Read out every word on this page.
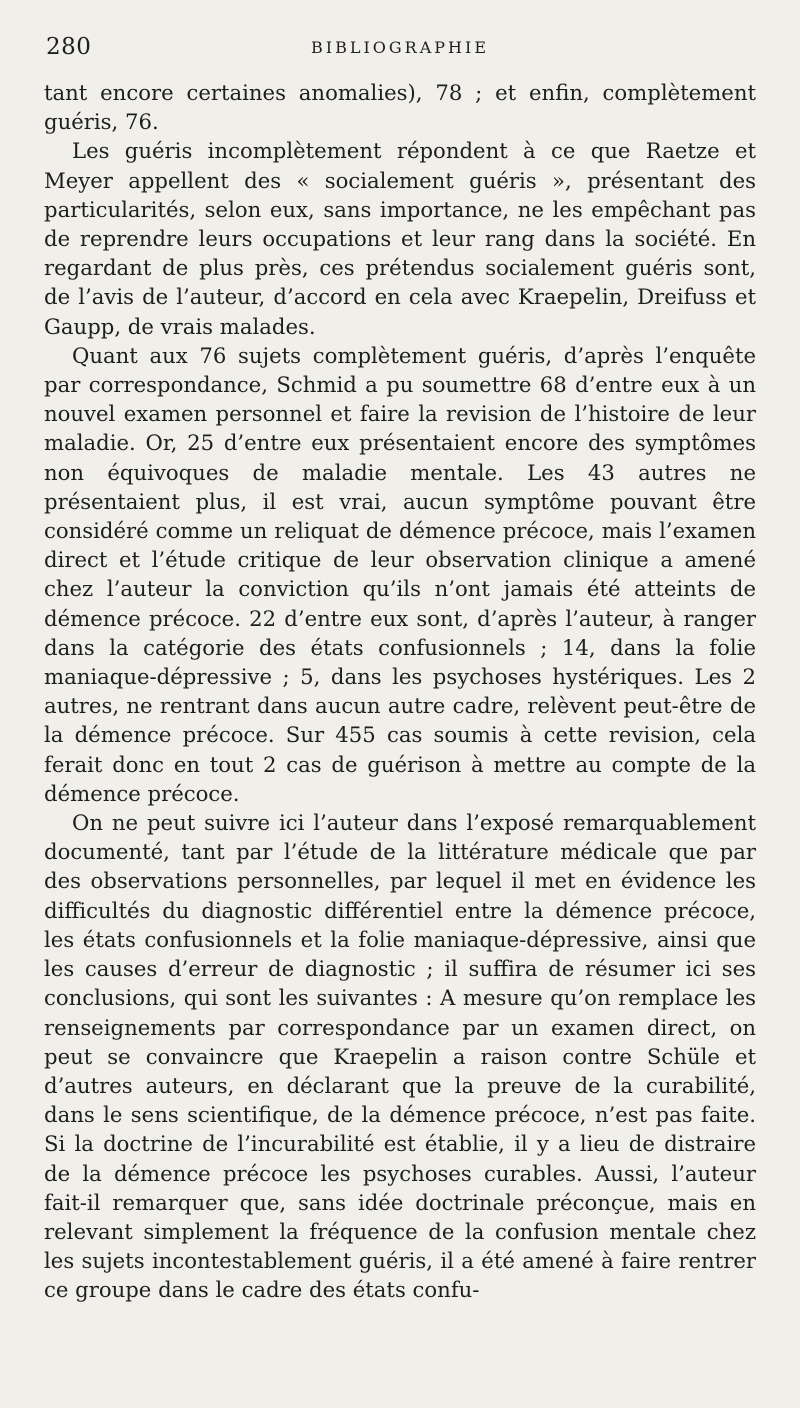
280	BIBLIOGRAPHIE

tant encore certaines anomalies), 78 ; et enfin, complètement guéris, 76.

Les guéris incomplètement répondent à ce que Raetze et Meyer appellent des « socialement guéris », présentant des particularités, selon eux, sans importance, ne les empêchant pas de reprendre leurs occupations et leur rang dans la société. En regardant de plus près, ces prétendus socialement guéris sont, de l’avis de l’auteur, d’accord en cela avec Kraepelin, Dreifuss et Gaupp, de vrais malades.

Quant aux 76 sujets complètement guéris, d’après l’enquête par correspondance, Schmid a pu soumettre 68 d’entre eux à un nouvel examen personnel et faire la revision de l’histoire de leur maladie. Or, 25 d’entre eux présentaient encore des symptômes non équivoques de maladie mentale. Les 43 autres ne présentaient plus, il est vrai, aucun symptôme pouvant être considéré comme un reliquat de démence précoce, mais l’examen direct et l’étude critique de leur observation clinique a amené chez l’auteur la conviction qu’ils n’ont jamais été atteints de démence précoce. 22 d’entre eux sont, d’après l’auteur, à ranger dans la catégorie des états confusionnels ; 14, dans la folie maniaque-dépressive ; 5, dans les psychoses hystériques. Les 2 autres, ne rentrant dans aucun autre cadre, relèvent peut-être de la démence précoce. Sur 455 cas soumis à cette revision, cela ferait donc en tout 2 cas de guérison à mettre au compte de la démence précoce.

On ne peut suivre ici l’auteur dans l’exposé remarquablement documenté, tant par l’étude de la littérature médicale que par des observations personnelles, par lequel il met en évidence les difficultés du diagnostic différentiel entre la démence précoce, les états confusionnels et la folie maniaque-dépressive, ainsi que les causes d’erreur de diagnostic ; il suffira de résumer ici ses conclusions, qui sont les suivantes : A mesure qu’on remplace les renseignements par correspondance par un examen direct, on peut se convaincre que Kraepelin a raison contre Schüle et d’autres auteurs, en déclarant que la preuve de la curabilité, dans le sens scientifique, de la démence précoce, n’est pas faite. Si la doctrine de l’incurabilité est établie, il y a lieu de distraire de la démence précoce les psychoses curables. Aussi, l’auteur fait-il remarquer que, sans idée doctrinale préconçue, mais en relevant simplement la fréquence de la confusion mentale chez les sujets incontestablement guéris, il a été amené à faire rentrer ce groupe dans le cadre des états confu-
